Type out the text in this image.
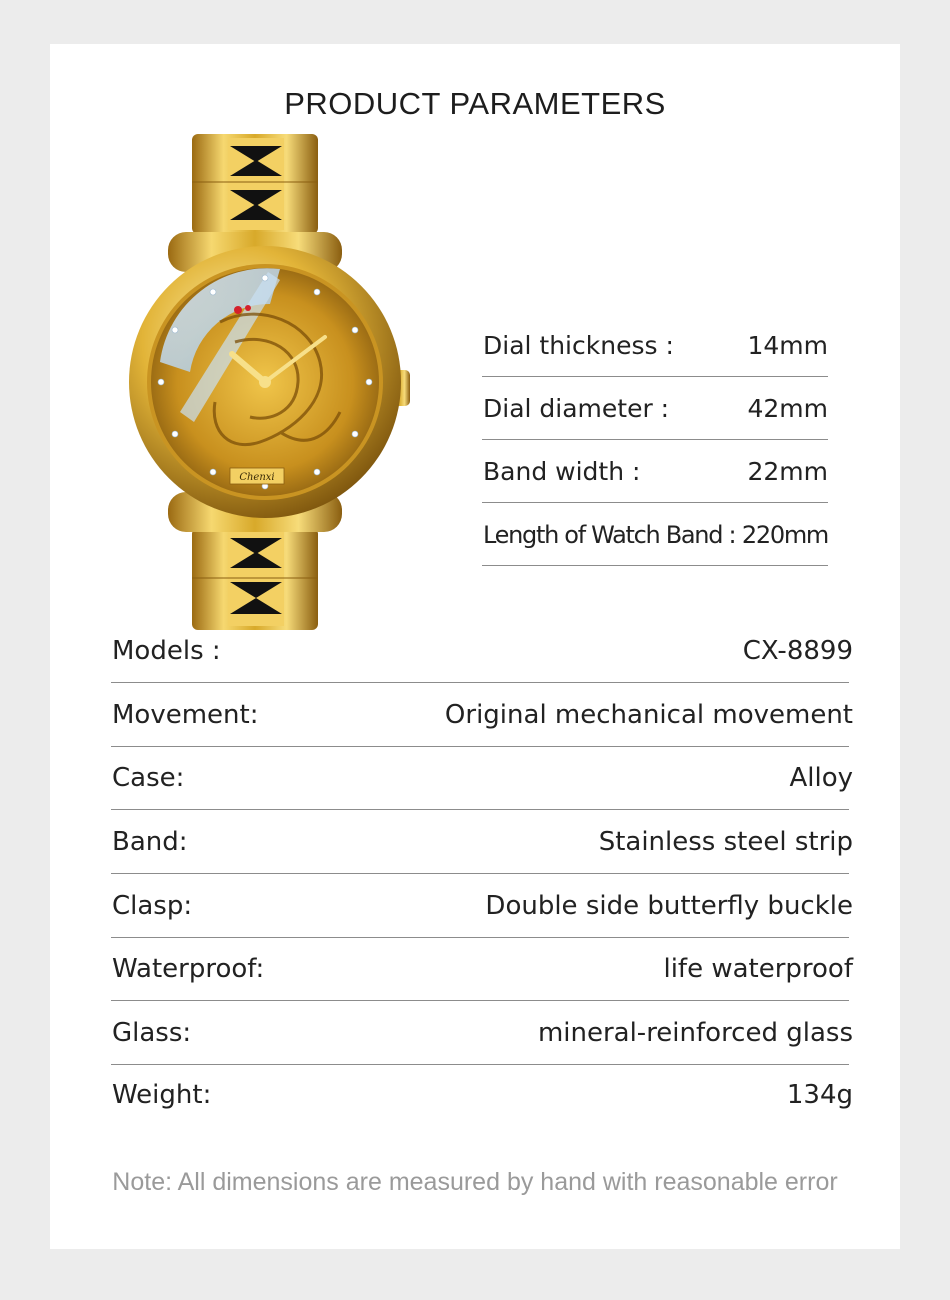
PRODUCT PARAMETERS
Chenxi
Dial thickness :	14mm
Dial diameter :	42mm
Band width :	22mm
Length of Watch Band : 220mm
Models :	CX-8899
Movement:	Original mechanical movement
Case:	Alloy
Band:	Stainless steel strip
Clasp:	Double side butterfly buckle
Waterproof:	life waterproof
Glass:	mineral-reinforced glass
Weight:	134g
Note: All dimensions are measured by hand with reasonable error
